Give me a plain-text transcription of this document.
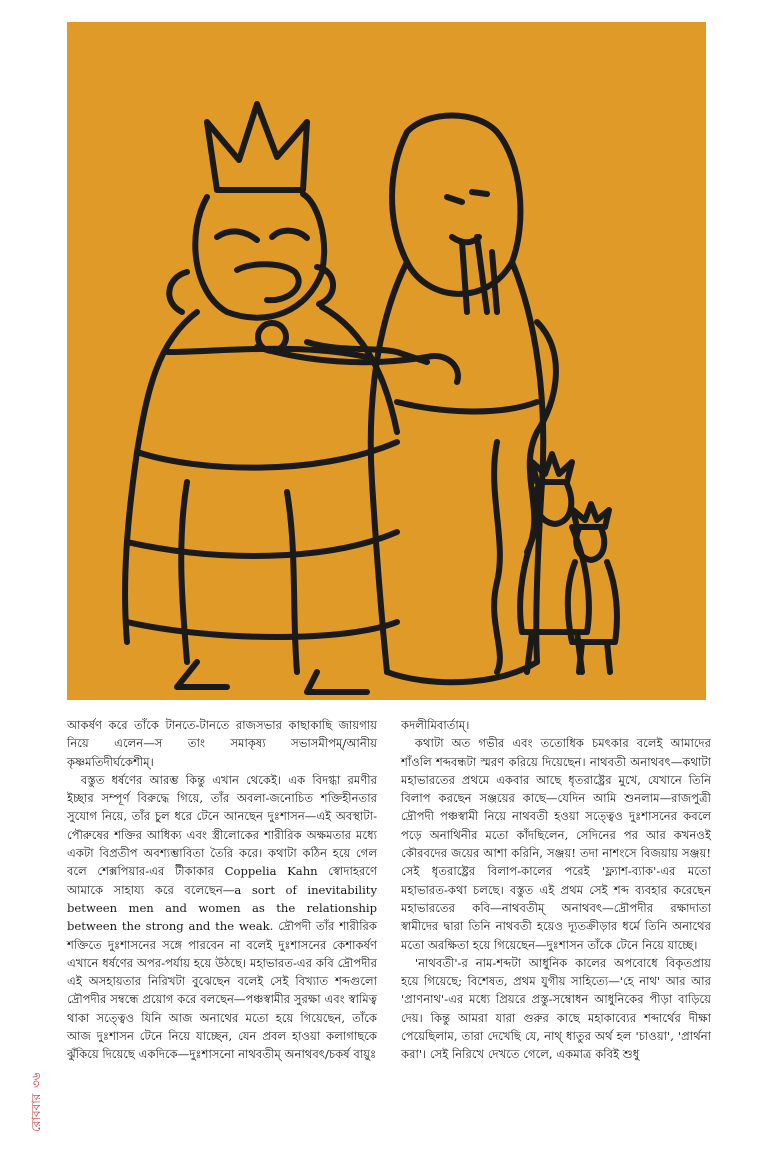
আকর্ষণ করে তাঁকে টানতে-টানতে রাজসভার কাছাকাছি জায়গায় নিয়ে এলেন—স তাং সমাকৃষ্য সভাসমীপম্/আনীয় কৃষ্ণমতিদীর্ঘকেশীম্।

বস্তুত ধর্ষণের আরম্ভ কিন্তু এখান থেকেই। এক বিদগ্ধা রমণীর ইচ্ছার সম্পূর্ণ বিরুদ্ধে গিয়ে, তাঁর অবলা-জনোচিত শক্তিহীনতার সুযোগ নিয়ে, তাঁর চুল ধরে টেনে আনছেন দুঃশাসন—এই অবস্থাটা-পৌরুষের শক্তির আধিক্য এবং স্ত্রীলোকের শারীরিক অক্ষমতার মধ্যে একটা বিপ্রতীপ অবশ্যম্ভাবিতা তৈরি করে। কথাটা কঠিন হয়ে গেল বলে শেক্সপিয়ার-এর টীকাকার Coppelia Kahn স্বোদাহরণে আমাকে সাহায্য করে বলেছেন—a sort of inevitability between men and women as the relationship between the strong and the weak. দ্রৌপদী তাঁর শারীরিক শক্তিতে দুঃশাসনের সঙ্গে পারবেন না বলেই দুঃশাসনের কেশাকর্ষণ এখানে ধর্ষণের অপর-পর্যায় হয়ে উঠছে। মহাভারত-এর কবি দ্রৌপদীর এই অসহায়তার নিরিখটা বুঝেছেন বলেই সেই বিখ্যাত শব্দগুলো দ্রৌপদীর সম্বন্ধে প্রয়োগ করে বলছেন—পঞ্চস্বামীর সুরক্ষা এবং স্বামিত্ব থাকা সত্ত্বেও যিনি আজ অনাথের মতো হয়ে গিয়েছেন, তাঁকে আজ দুঃশাসন টেনে নিয়ে যাচ্ছেন, যেন প্রবল হাওয়া কলাগাছকে ঝুঁকিয়ে দিয়েছে একদিকে—দুঃশাসনো নাথবতীম্ অনাথবৎ/চকর্ষ বায়ুঃ

কদলীমিবার্তাম্।

কথাটা অত গভীর এবং ততোধিক চমৎকার বলেই আমাদের শাঁওলি শব্দবন্ধটা স্মরণ করিয়ে দিয়েছেন। নাথবতী অনাথবৎ—কথাটা মহাভারতের প্রথমে একবার আছে ধৃতরাষ্ট্রের মুখে, যেখানে তিনি বিলাপ করছেন সঞ্জয়ের কাছে—যেদিন আমি শুনলাম—রাজপুত্রী দ্রৌপদী পঞ্চস্বামী নিয়ে নাথবতী হওয়া সত্ত্বেও দুঃশাসনের কবলে পড়ে অনাথিনীর মতো কাঁদছিলেন, সেদিনের পর আর কখনওই কৌরবদের জয়ের আশা করিনি, সঞ্জয়! তদা নাশংসে বিজয়ায় সঞ্জয়! সেই ধৃতরাষ্ট্রের বিলাপ-কালের পরেই 'ফ্ল্যাশ-ব্যাক'-এর মতো মহাভারত-কথা চলছে। বস্তুত এই প্রথম সেই শব্দ ব্যবহার করেছেন মহাভারতের কবি—নাথবতীম্ অনাথবৎ—দ্রৌপদীর রক্ষাদাতা স্বামীদের দ্বারা তিনি নাথবতী হয়েও দ্যূতক্রীড়ার ধর্মে তিনি অনাথের মতো অরক্ষিতা হয়ে গিয়েছেন—দুঃশাসন তাঁকে টেনে নিয়ে যাচ্ছে।

'নাথবতী'-র নাম-শব্দটা আধুনিক কালের অপবোধে বিকৃতপ্রায় হয়ে গিয়েছে; বিশেষত, প্রথম যুগীয় সাহিত্যে—'হে নাথ' আর আর 'প্রাণনাথ'-এর মধ্যে প্রিয়রে প্রস্তু-সম্বোধন আধুনিকের পীড়া বাড়িয়ে দেয়। কিন্তু আমরা যারা গুরুর কাছে মহাকাব্যের শব্দার্থের দীক্ষা পেয়েছিলাম, তারা দেখেছি যে, নাথ্ ধাতুর অর্থ হল 'চাওয়া', 'প্রার্থনা করা'। সেই নিরিখে দেখতে গেলে, একমাত্র কবিই শুধু

রোববার
৩৬
